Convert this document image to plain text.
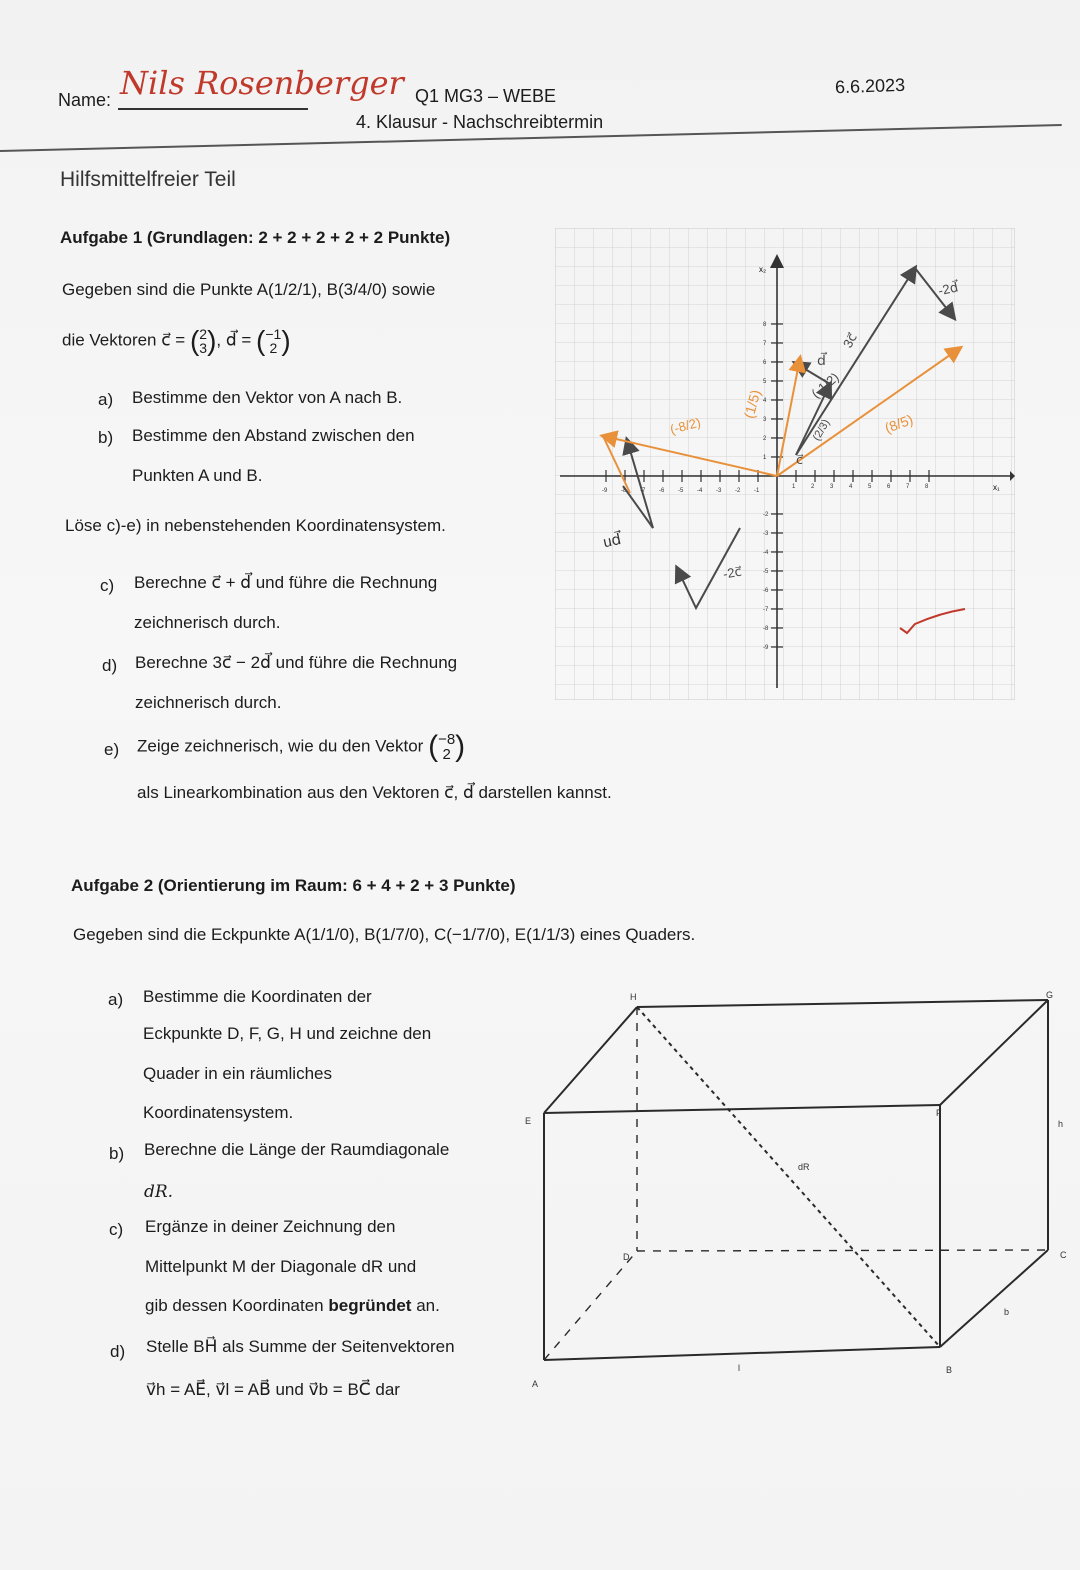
Name: Nils Rosenberger Q1 MG3 – WEBE
4. Klausur - Nachschreibtermin
6.6.2023
Hilfsmittelfreier Teil
Aufgabe 1 (Grundlagen: 2 + 2 + 2 + 2 + 2 Punkte)
Gegeben sind die Punkte A(1/2/1), B(3/4/0) sowie
die Vektoren c⃗ = ( 2
3 ), d⃗ = ( −1
2 )
a) Bestimme den Vektor von A nach B.
b) Bestimme den Abstand zwischen den
Punkten A und B.
Löse c)-e) in nebenstehenden Koordinatensystem.
c) Berechne c⃗ + d⃗ und führe die Rechnung
zeichnerisch durch.
d) Berechne 3c⃗ − 2d⃗ und führe die Rechnung
zeichnerisch durch.
e) Zeige zeichnerisch, wie du den Vektor ( −8
2 )
als Linearkombination aus den Vektoren c⃗, d⃗ darstellen kannst.
x₁
x₂
1	2	3	4	5	6	7	8
-9 -8 -7 -6 -5 -4 -3 -2 -1
1
2
3
4
5
6
7
8
-2
-3
-4
-5
-6
-7
-8
-9
(1/5)
(2/3)
(-1/2)
c⃗
3c⃗
d⃗
-2d⃗
(8/5)
(-8/2)
-2c⃗
ud⃗
Aufgabe 2 (Orientierung im Raum: 6 + 4 + 2 + 3 Punkte)
Gegeben sind die Eckpunkte A(1/1/0), B(1/7/0), C(−1/7/0), E(1/1/3) eines Quaders.
a) Bestimme die Koordinaten der
Eckpunkte D, F, G, H und zeichne den
Quader in ein räumliches
Koordinatensystem.
b) Berechne die Länge der Raumdiagonale
dR.
c) Ergänze in deiner Zeichnung den
Mittelpunkt M der Diagonale dR und
gib dessen Koordinaten begründet an.
d) Stelle BH⃗ als Summe der Seitenvektoren
v⃗h = AE⃗, v⃗l = AB⃗ und v⃗b = BC⃗ dar
H	G
E
F
D	C
A
B
h
b
l
dR
